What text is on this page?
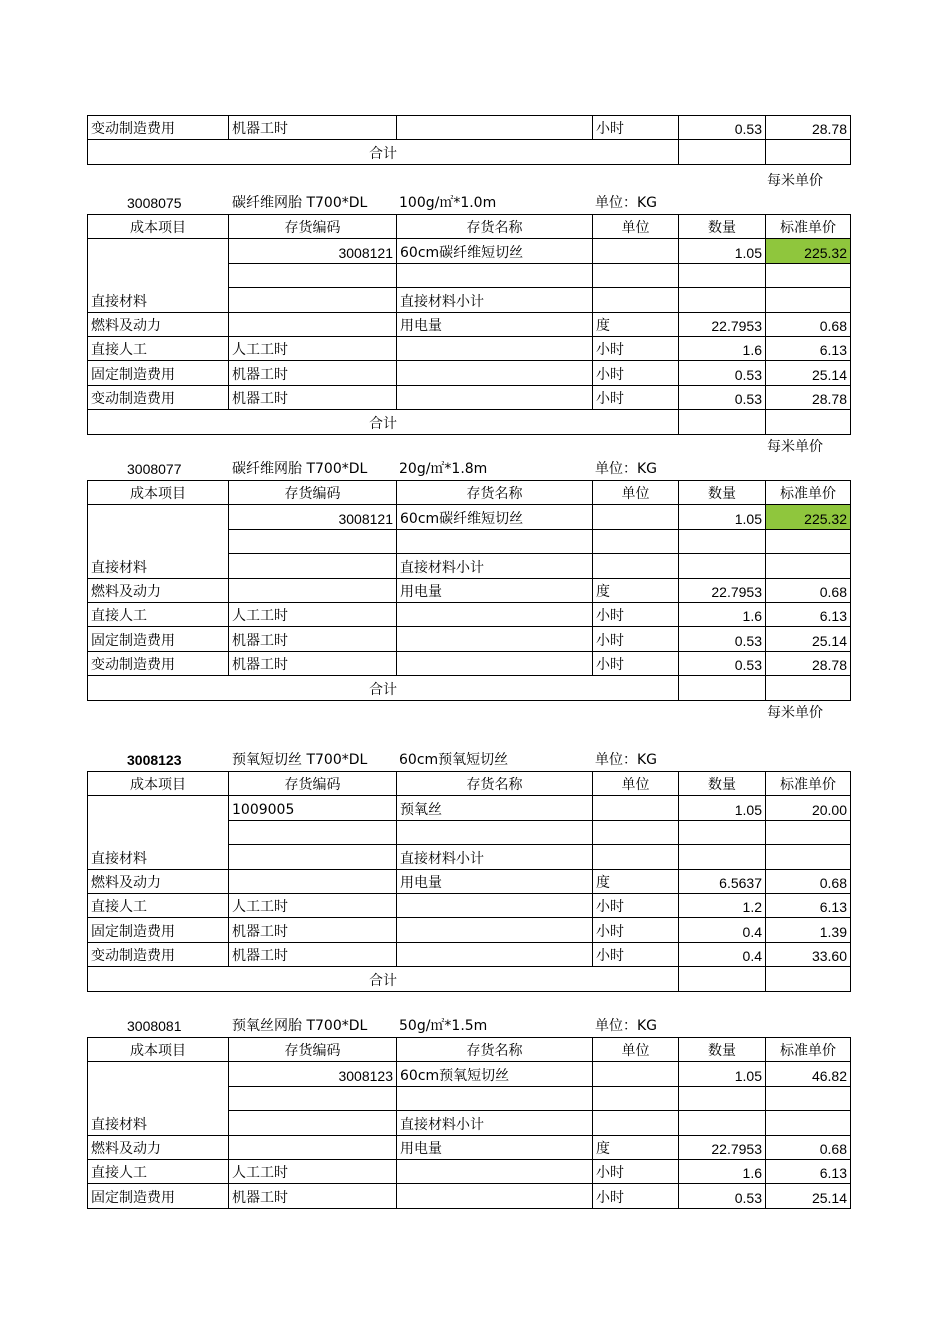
变动制造费用	机器工时		小时	0.53	28.78
合计					
每米单价
3008075	碳纤维网胎 T700*DL 100g/㎡*1.0m	单位：KG
成本项目	存货编码	存货名称	单位	数量	标准单价
直接材料	3008121	60cm碳纤维短切丝		1.05	225.32

		直接材料小计			
燃料及动力		用电量	度	22.7953	0.68
直接人工	人工工时		小时	1.6	6.13
固定制造费用	机器工时		小时	0.53	25.14
变动制造费用	机器工时		小时	0.53	28.78
合计					
每米单价
3008077	碳纤维网胎 T700*DL 20g/㎡*1.8m	单位：KG
成本项目	存货编码	存货名称	单位	数量	标准单价
直接材料	3008121	60cm碳纤维短切丝		1.05	225.32

		直接材料小计			
燃料及动力		用电量	度	22.7953	0.68
直接人工	人工工时		小时	1.6	6.13
固定制造费用	机器工时		小时	0.53	25.14
变动制造费用	机器工时		小时	0.53	28.78
合计					
每米单价
3008123	预氧短切丝 T700*DL 60cm预氧短切丝	单位：KG
成本项目	存货编码	存货名称	单位	数量	标准单价
直接材料	1009005	预氧丝		1.05	20.00

		直接材料小计			
燃料及动力		用电量	度	6.5637	0.68
直接人工	人工工时		小时	1.2	6.13
固定制造费用	机器工时		小时	0.4	1.39
变动制造费用	机器工时		小时	0.4	33.60
合计					
3008081	预氧丝网胎 T700*DL 50g/㎡*1.5m	单位：KG
成本项目	存货编码	存货名称	单位	数量	标准单价
直接材料	3008123	60cm预氧短切丝		1.05	46.82

		直接材料小计			
燃料及动力		用电量	度	22.7953	0.68
直接人工	人工工时		小时	1.6	6.13
固定制造费用	机器工时		小时	0.53	25.14
